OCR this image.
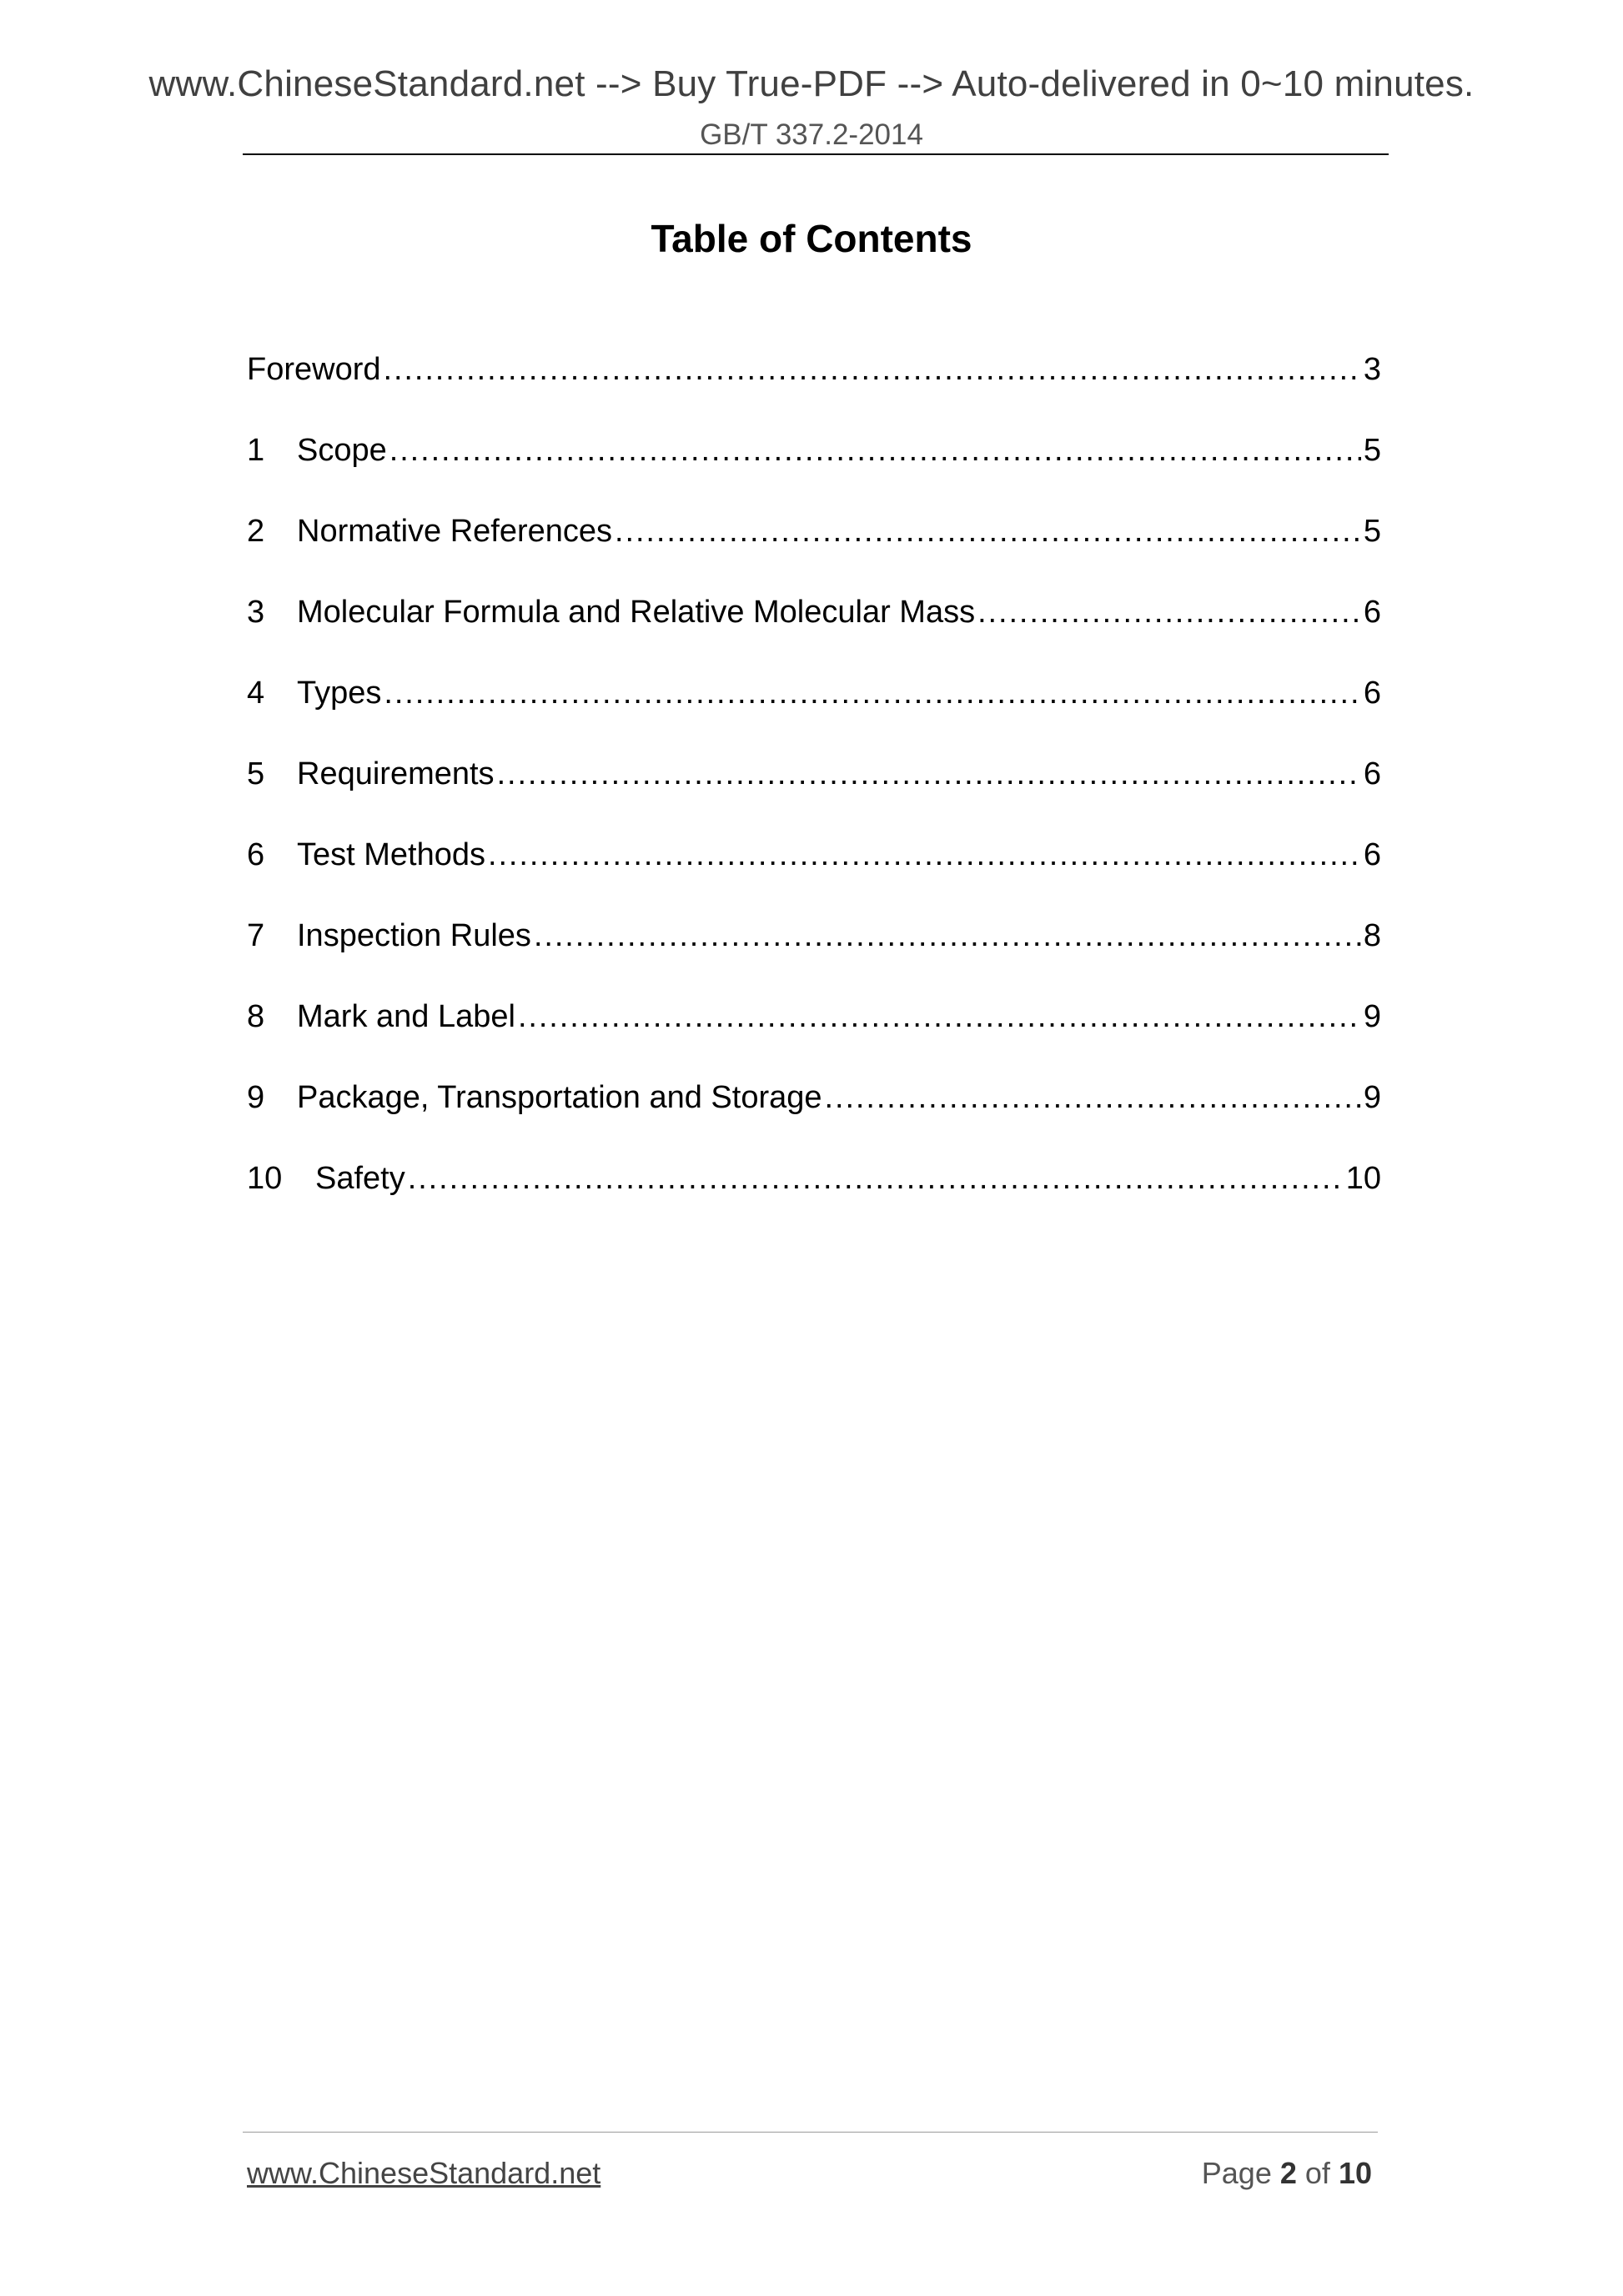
www.ChineseStandard.net --> Buy True-PDF --> Auto-delivered in 0~10 minutes.
GB/T 337.2-2014
Table of Contents
Foreword .....	3
1	Scope .....	5
2	Normative References .....	5
3	Molecular Formula and Relative Molecular Mass .....	6
4	Types .....	6
5	Requirements .....	6
6	Test Methods .....	6
7	Inspection Rules .....	8
8	Mark and Label .....	9
9	Package, Transportation and Storage .....	9
10	Safety .....	10
www.ChineseStandard.net	Page 2 of 10
